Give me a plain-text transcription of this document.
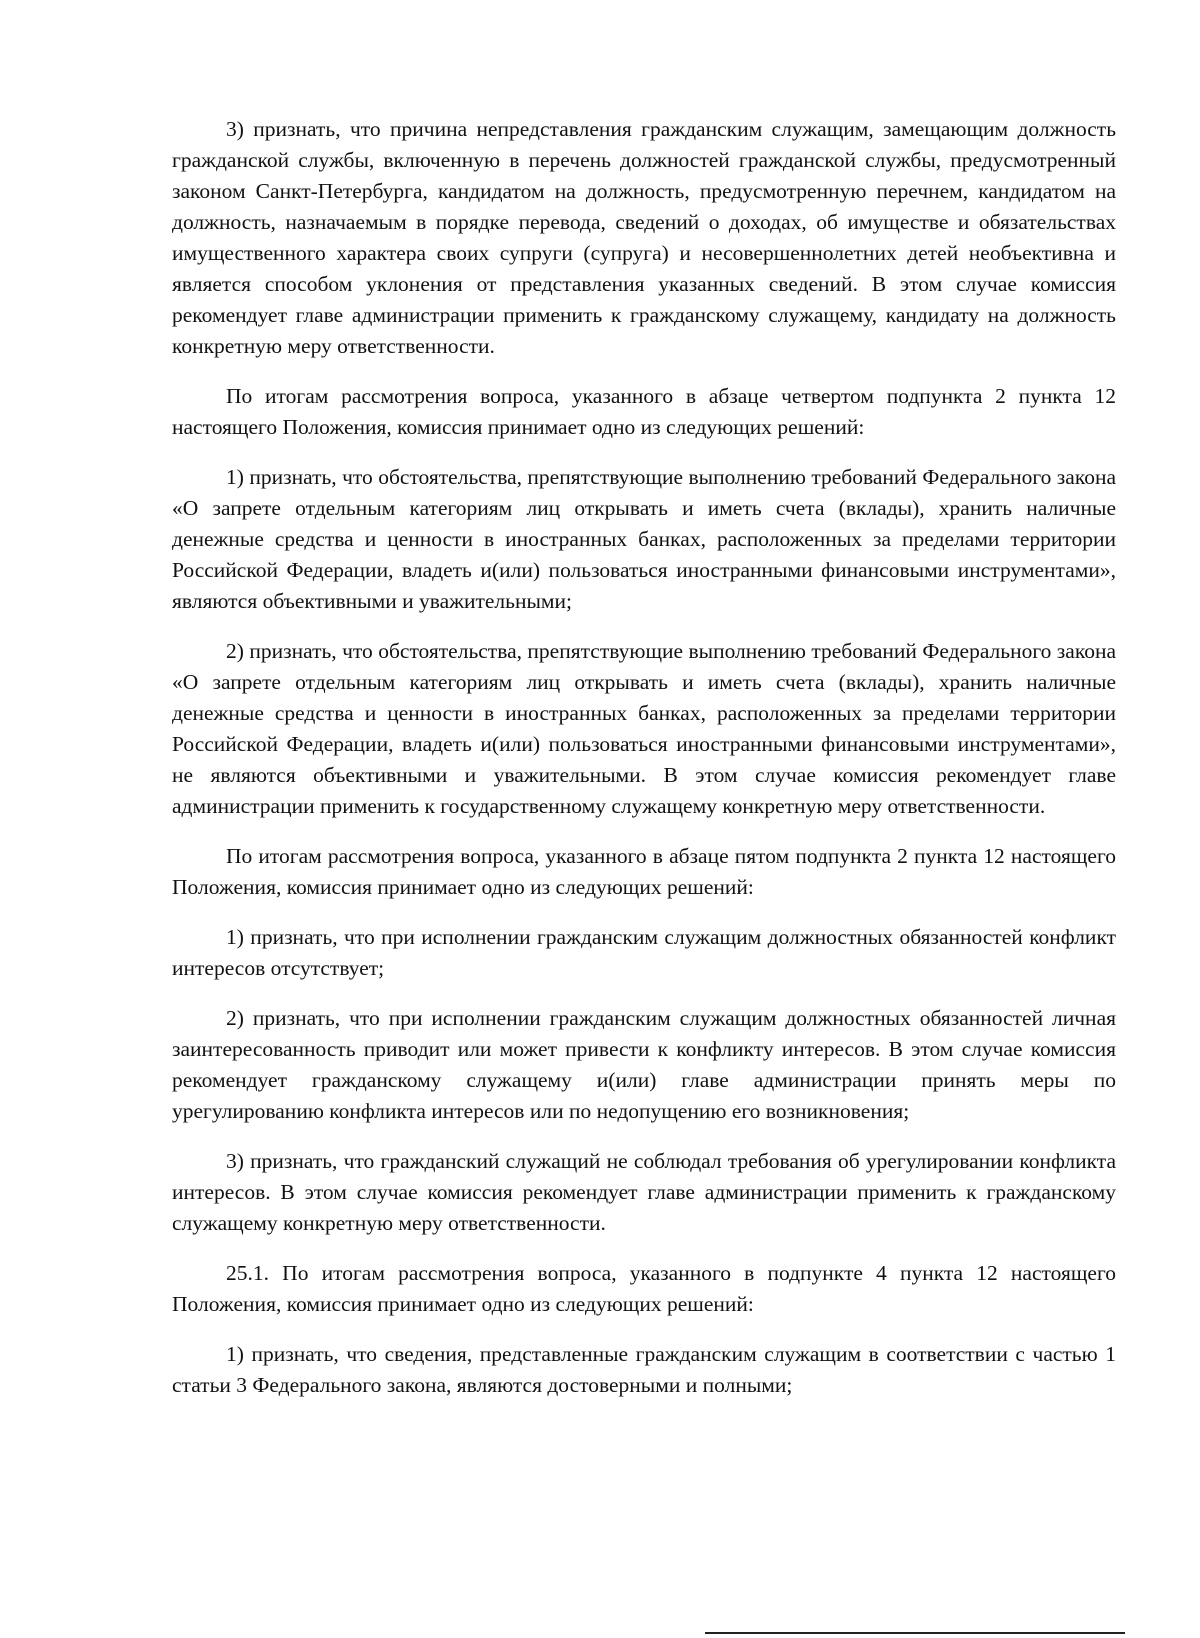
3) признать, что причина непредставления гражданским служащим, замещающим должность гражданской службы, включенную в перечень должностей гражданской службы, предусмотренный законом Санкт-Петербурга, кандидатом на должность, предусмотренную перечнем, кандидатом на должность, назначаемым в порядке перевода, сведений о доходах, об имуществе и обязательствах имущественного характера своих супруги (супруга) и несовершеннолетних детей необъективна и является способом уклонения от представления указанных сведений. В этом случае комиссия рекомендует главе администрации применить к гражданскому служащему, кандидату на должность конкретную меру ответственности.

По итогам рассмотрения вопроса, указанного в абзаце четвертом подпункта 2 пункта 12 настоящего Положения, комиссия принимает одно из следующих решений:

1) признать, что обстоятельства, препятствующие выполнению требований Федерального закона «О запрете отдельным категориям лиц открывать и иметь счета (вклады), хранить наличные денежные средства и ценности в иностранных банках, расположенных за пределами территории Российской Федерации, владеть и(или) пользоваться иностранными финансовыми инструментами», являются объективными и уважительными;

2) признать, что обстоятельства, препятствующие выполнению требований Федерального закона «О запрете отдельным категориям лиц открывать и иметь счета (вклады), хранить наличные денежные средства и ценности в иностранных банках, расположенных за пределами территории Российской Федерации, владеть и(или) пользоваться иностранными финансовыми инструментами», не являются объективными и уважительными. В этом случае комиссия рекомендует главе администрации применить к государственному служащему конкретную меру ответственности.

По итогам рассмотрения вопроса, указанного в абзаце пятом подпункта 2 пункта 12 настоящего Положения, комиссия принимает одно из следующих решений:

1) признать, что при исполнении гражданским служащим должностных обязанностей конфликт интересов отсутствует;

2) признать, что при исполнении гражданским служащим должностных обязанностей личная заинтересованность приводит или может привести к конфликту интересов. В этом случае комиссия рекомендует гражданскому служащему и(или) главе администрации принять меры по урегулированию конфликта интересов или по недопущению его возникновения;

3) признать, что гражданский служащий не соблюдал требования об урегулировании конфликта интересов. В этом случае комиссия рекомендует главе администрации применить к гражданскому служащему конкретную меру ответственности.

25.1. По итогам рассмотрения вопроса, указанного в подпункте 4 пункта 12 настоящего Положения, комиссия принимает одно из следующих решений:

1) признать, что сведения, представленные гражданским служащим в соответствии с частью 1 статьи 3 Федерального закона, являются достоверными и полными;
